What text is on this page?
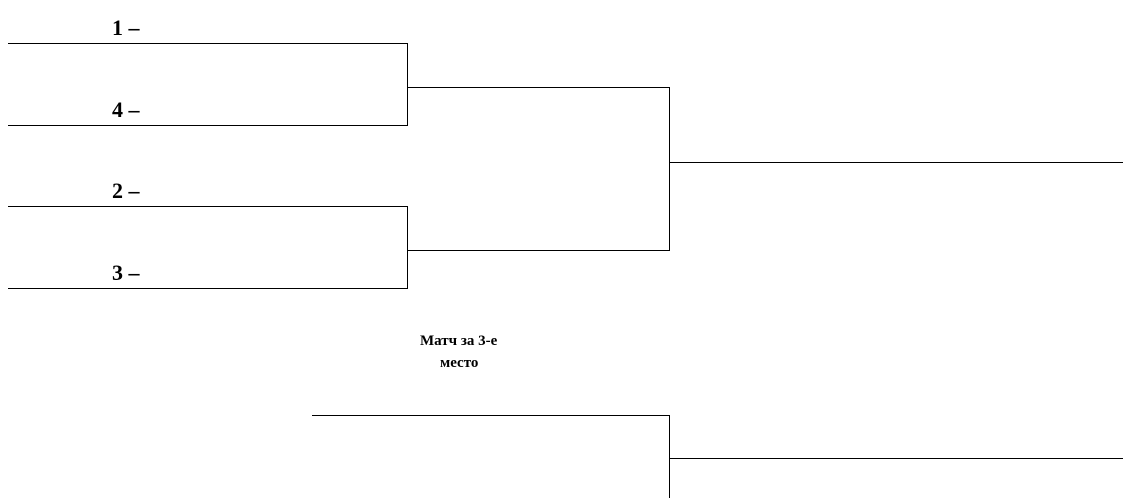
1 –
4 –
2 –
3 –
Матч за 3-е
место
